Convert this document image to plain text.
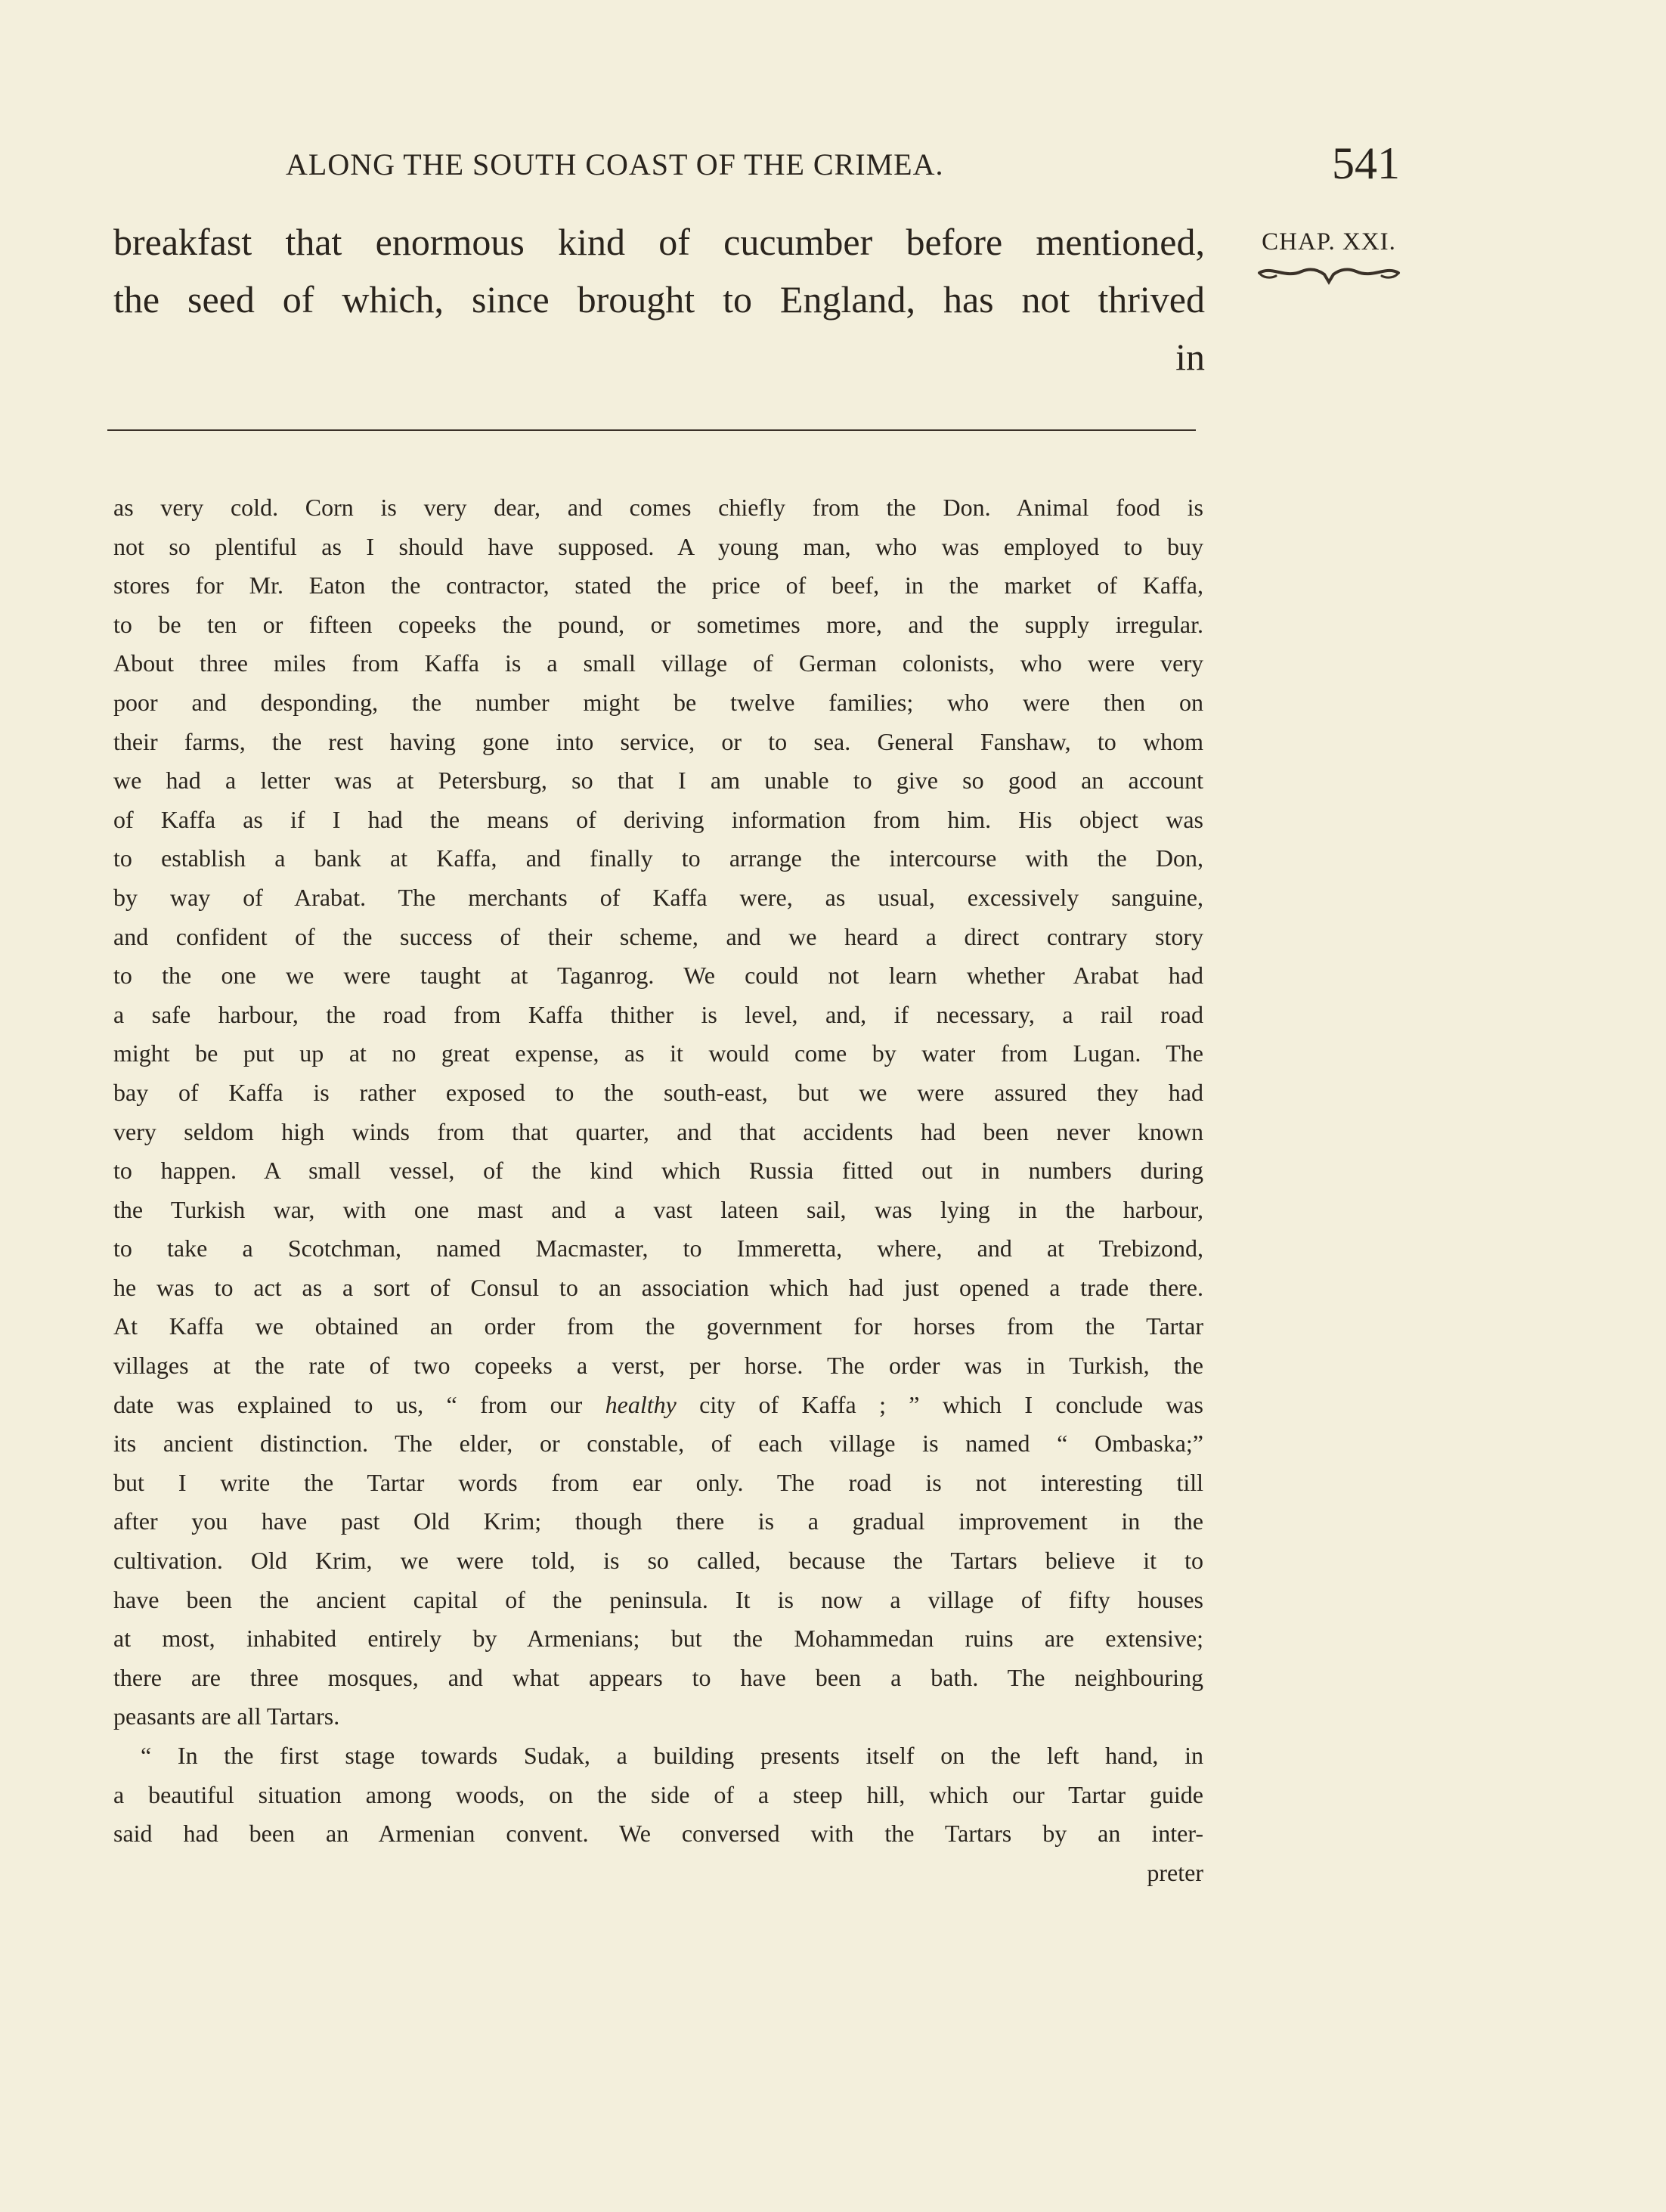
ALONG THE SOUTH COAST OF THE CRIMEA.	541
CHAP. XXI.
breakfast that enormous kind of cucumber before mentioned,
the seed of which, since brought to England, has not thrived
in
as very cold. Corn is very dear, and comes chiefly from the Don. Animal food is
not so plentiful as I should have supposed. A young man, who was employed to buy
stores for Mr. Eaton the contractor, stated the price of beef, in the market of Kaffa,
to be ten or fifteen copeeks the pound, or sometimes more, and the supply irregular.
About three miles from Kaffa is a small village of German colonists, who were very
poor and desponding, the number might be twelve families; who were then on
their farms, the rest having gone into service, or to sea. General Fanshaw, to whom
we had a letter was at Petersburg, so that I am unable to give so good an account
of Kaffa as if I had the means of deriving information from him. His object was
to establish a bank at Kaffa, and finally to arrange the intercourse with the Don,
by way of Arabat. The merchants of Kaffa were, as usual, excessively sanguine,
and confident of the success of their scheme, and we heard a direct contrary story
to the one we were taught at Taganrog. We could not learn whether Arabat had
a safe harbour, the road from Kaffa thither is level, and, if necessary, a rail road
might be put up at no great expense, as it would come by water from Lugan. The
bay of Kaffa is rather exposed to the south-east, but we were assured they had
very seldom high winds from that quarter, and that accidents had been never known
to happen. A small vessel, of the kind which Russia fitted out in numbers during
the Turkish war, with one mast and a vast lateen sail, was lying in the harbour,
to take a Scotchman, named Macmaster, to Immeretta, where, and at Trebizond,
he was to act as a sort of Consul to an association which had just opened a trade there.
At Kaffa we obtained an order from the government for horses from the Tartar
villages at the rate of two copeeks a verst, per horse. The order was in Turkish, the
date was explained to us, “ from our healthy city of Kaffa ; ” which I conclude was
its ancient distinction. The elder, or constable, of each village is named “ Ombaska;”
but I write the Tartar words from ear only. The road is not interesting till
after you have past Old Krim; though there is a gradual improvement in the
cultivation. Old Krim, we were told, is so called, because the Tartars believe it to
have been the ancient capital of the peninsula. It is now a village of fifty houses
at most, inhabited entirely by Armenians; but the Mohammedan ruins are extensive;
there are three mosques, and what appears to have been a bath. The neighbouring
peasants are all Tartars.
“ In the first stage towards Sudak, a building presents itself on the left hand, in
a beautiful situation among woods, on the side of a steep hill, which our Tartar guide
said had been an Armenian convent. We conversed with the Tartars by an inter-
preter
